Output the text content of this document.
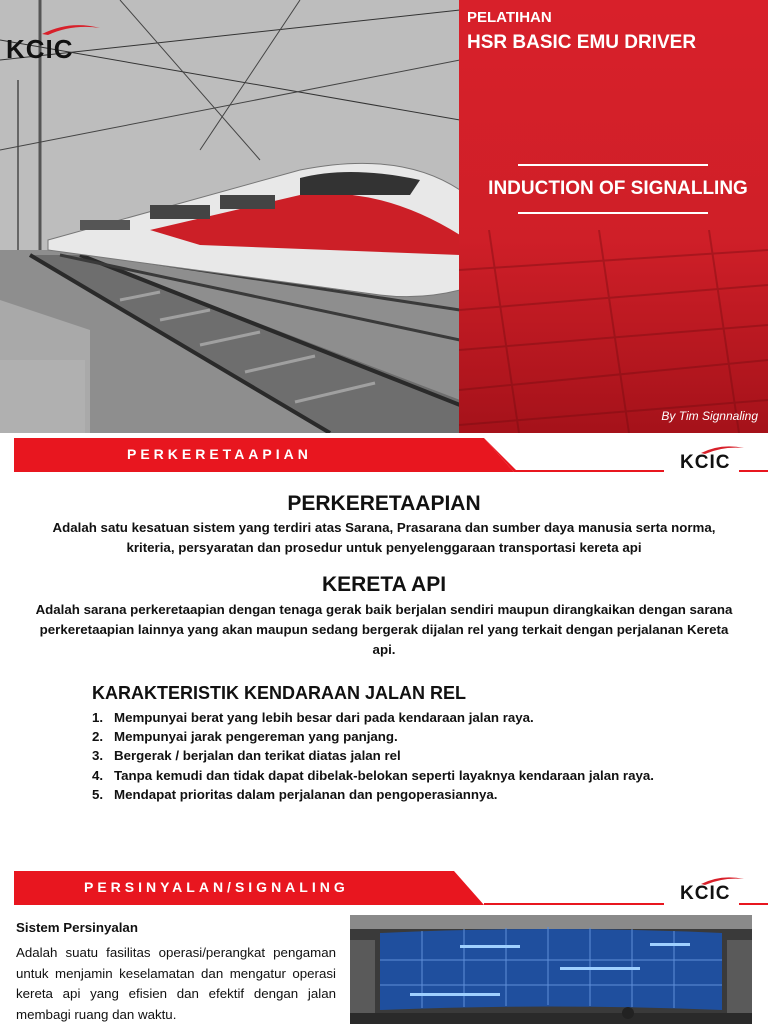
KCIC
PELATIHAN
HSR BASIC EMU DRIVER
INDUCTION OF SIGNALLING
By Tim Signnaling
PERKERETAAPIAN	KCIC
PERKERETAAPIAN
Adalah satu kesatuan sistem yang terdiri atas Sarana, Prasarana dan sumber daya manusia serta norma, kriteria, persyaratan dan prosedur untuk penyelenggaraan transportasi kereta api
KERETA API
Adalah sarana perkeretaapian dengan tenaga gerak baik berjalan sendiri maupun dirangkaikan dengan sarana perkeretaapian lainnya yang akan maupun sedang bergerak dijalan rel yang terkait dengan perjalanan Kereta api.
KARAKTERISTIK KENDARAAN JALAN REL
1. Mempunyai berat yang lebih besar dari pada kendaraan jalan raya.
2. Mempunyai jarak pengereman yang panjang.
3. Bergerak / berjalan dan terikat diatas jalan rel
4. Tanpa kemudi dan tidak dapat dibelak-belokan seperti layaknya kendaraan jalan raya.
5. Mendapat prioritas dalam perjalanan dan pengoperasiannya.
PERSINYALAN/SIGNALING	KCIC
Sistem Persinyalan
Adalah suatu fasilitas operasi/perangkat pengaman untuk menjamin keselamatan dan mengatur operasi kereta api yang efisien dan efektif dengan jalan membagi ruang dan waktu.
